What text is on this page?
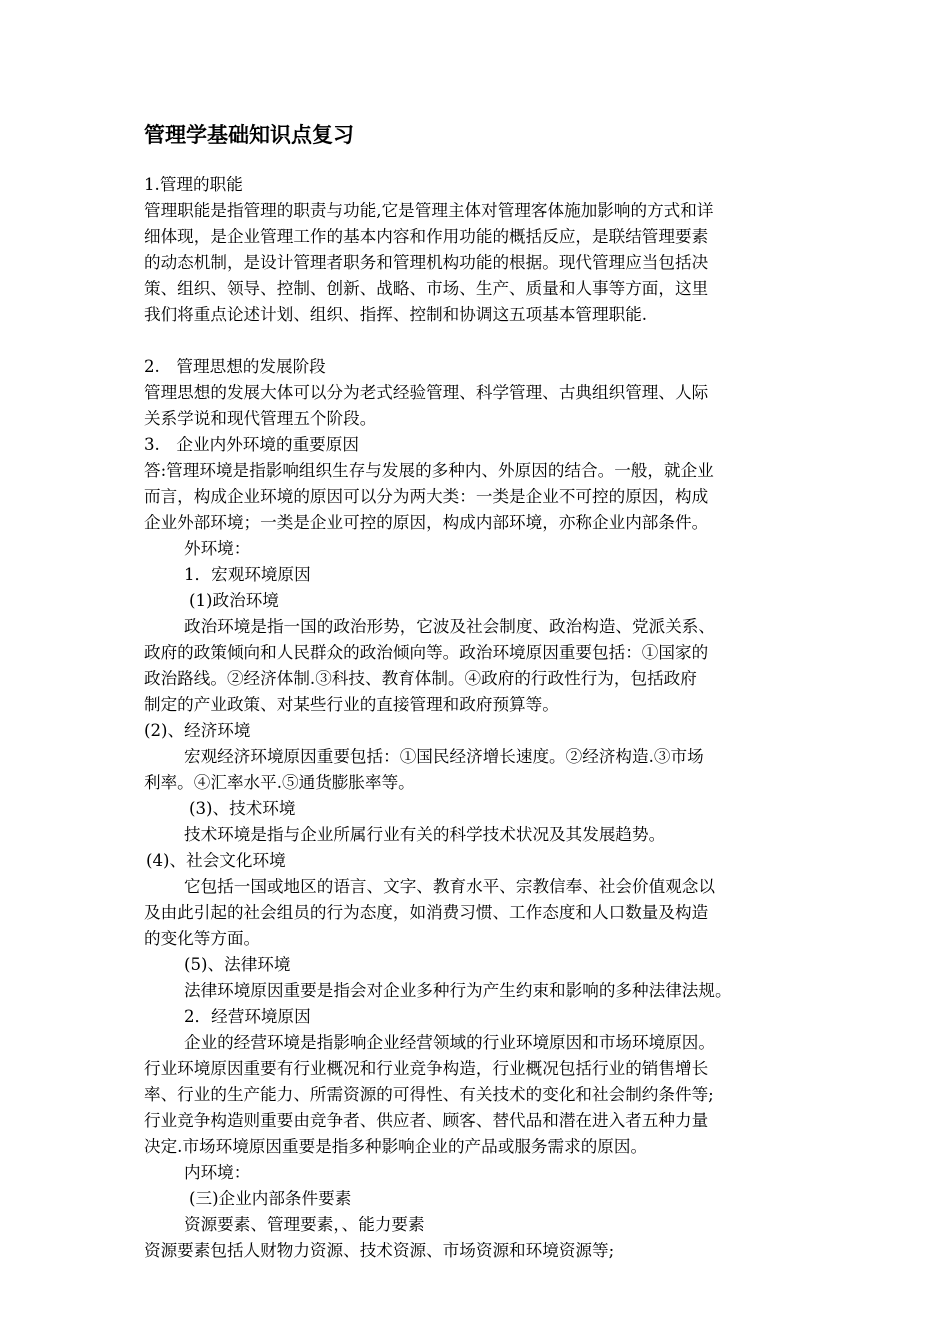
管理学基础知识点复习
1.管理的职能
管理职能是指管理的职责与功能,它是管理主体对管理客体施加影响的方式和详
细体现，是企业管理工作的基本内容和作用功能的概括反应，是联结管理要素
的动态机制，是设计管理者职务和管理机构功能的根据。现代管理应当包括决
策、组织、领导、控制、创新、战略、市场、生产、质量和人事等方面，这里
我们将重点论述计划、组织、指挥、控制和协调这五项基本管理职能.
2.　管理思想的发展阶段
管理思想的发展大体可以分为老式经验管理、科学管理、古典组织管理、人际
关系学说和现代管理五个阶段。
3.　企业内外环境的重要原因
答:管理环境是指影响组织生存与发展的多种内、外原因的结合。一般，就企业
而言，构成企业环境的原因可以分为两大类：一类是企业不可控的原因，构成
企业外部环境；一类是企业可控的原因，构成内部环境，亦称企业内部条件。
外环境：
1．宏观环境原因
(1)政治环境
政治环境是指一国的政治形势，它波及社会制度、政治构造、党派关系、
政府的政策倾向和人民群众的政治倾向等。政治环境原因重要包括：①国家的
政治路线。②经济体制.③科技、教育体制。④政府的行政性行为，包括政府
制定的产业政策、对某些行业的直接管理和政府预算等。
(2)、经济环境
宏观经济环境原因重要包括：①国民经济增长速度。②经济构造.③市场
利率。④汇率水平.⑤通货膨胀率等。
(3)、技术环境
技术环境是指与企业所属行业有关的科学技术状况及其发展趋势。
(4)、社会文化环境
它包括一国或地区的语言、文字、教育水平、宗教信奉、社会价值观念以
及由此引起的社会组员的行为态度，如消费习惯、工作态度和人口数量及构造
的变化等方面。
(5)、法律环境
法律环境原因重要是指会对企业多种行为产生约束和影响的多种法律法规。
2．经营环境原因
企业的经营环境是指影响企业经营领域的行业环境原因和市场环境原因。
行业环境原因重要有行业概况和行业竞争构造，行业概况包括行业的销售增长
率、行业的生产能力、所需资源的可得性、有关技术的变化和社会制约条件等;
行业竞争构造则重要由竞争者、供应者、顾客、替代品和潜在进入者五种力量
决定.市场环境原因重要是指多种影响企业的产品或服务需求的原因。
内环境：
(三)企业内部条件要素
资源要素、管理要素，、能力要素
资源要素包括人财物力资源、技术资源、市场资源和环境资源等;
